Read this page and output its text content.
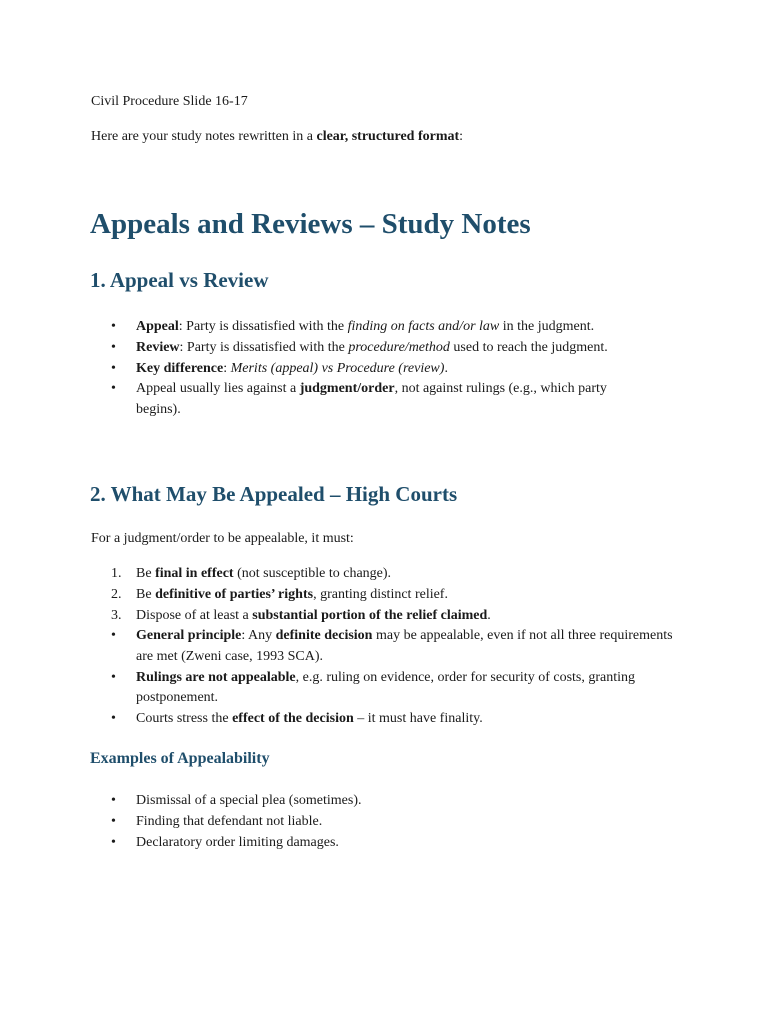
Civil Procedure Slide 16-17

Here are your study notes rewritten in a clear, structured format:

Appeals and Reviews – Study Notes
1. Appeal vs Review
• Appeal: Party is dissatisfied with the finding on facts and/or law in the judgment.
• Review: Party is dissatisfied with the procedure/method used to reach the judgment.
• Key difference: Merits (appeal) vs Procedure (review).
• Appeal usually lies against a judgment/order, not against rulings (e.g., which party begins).
2. What May Be Appealed – High Courts

For a judgment/order to be appealable, it must:

1. Be final in effect (not susceptible to change).
2. Be definitive of parties’ rights, granting distinct relief.
3. Dispose of at least a substantial portion of the relief claimed.
• General principle: Any definite decision may be appealable, even if not all three requirements are met (Zweni case, 1993 SCA).
• Rulings are not appealable, e.g. ruling on evidence, order for security of costs, granting postponement.
• Courts stress the effect of the decision – it must have finality.
Examples of Appealability
• Dismissal of a special plea (sometimes).
• Finding that defendant not liable.
• Declaratory order limiting damages.
